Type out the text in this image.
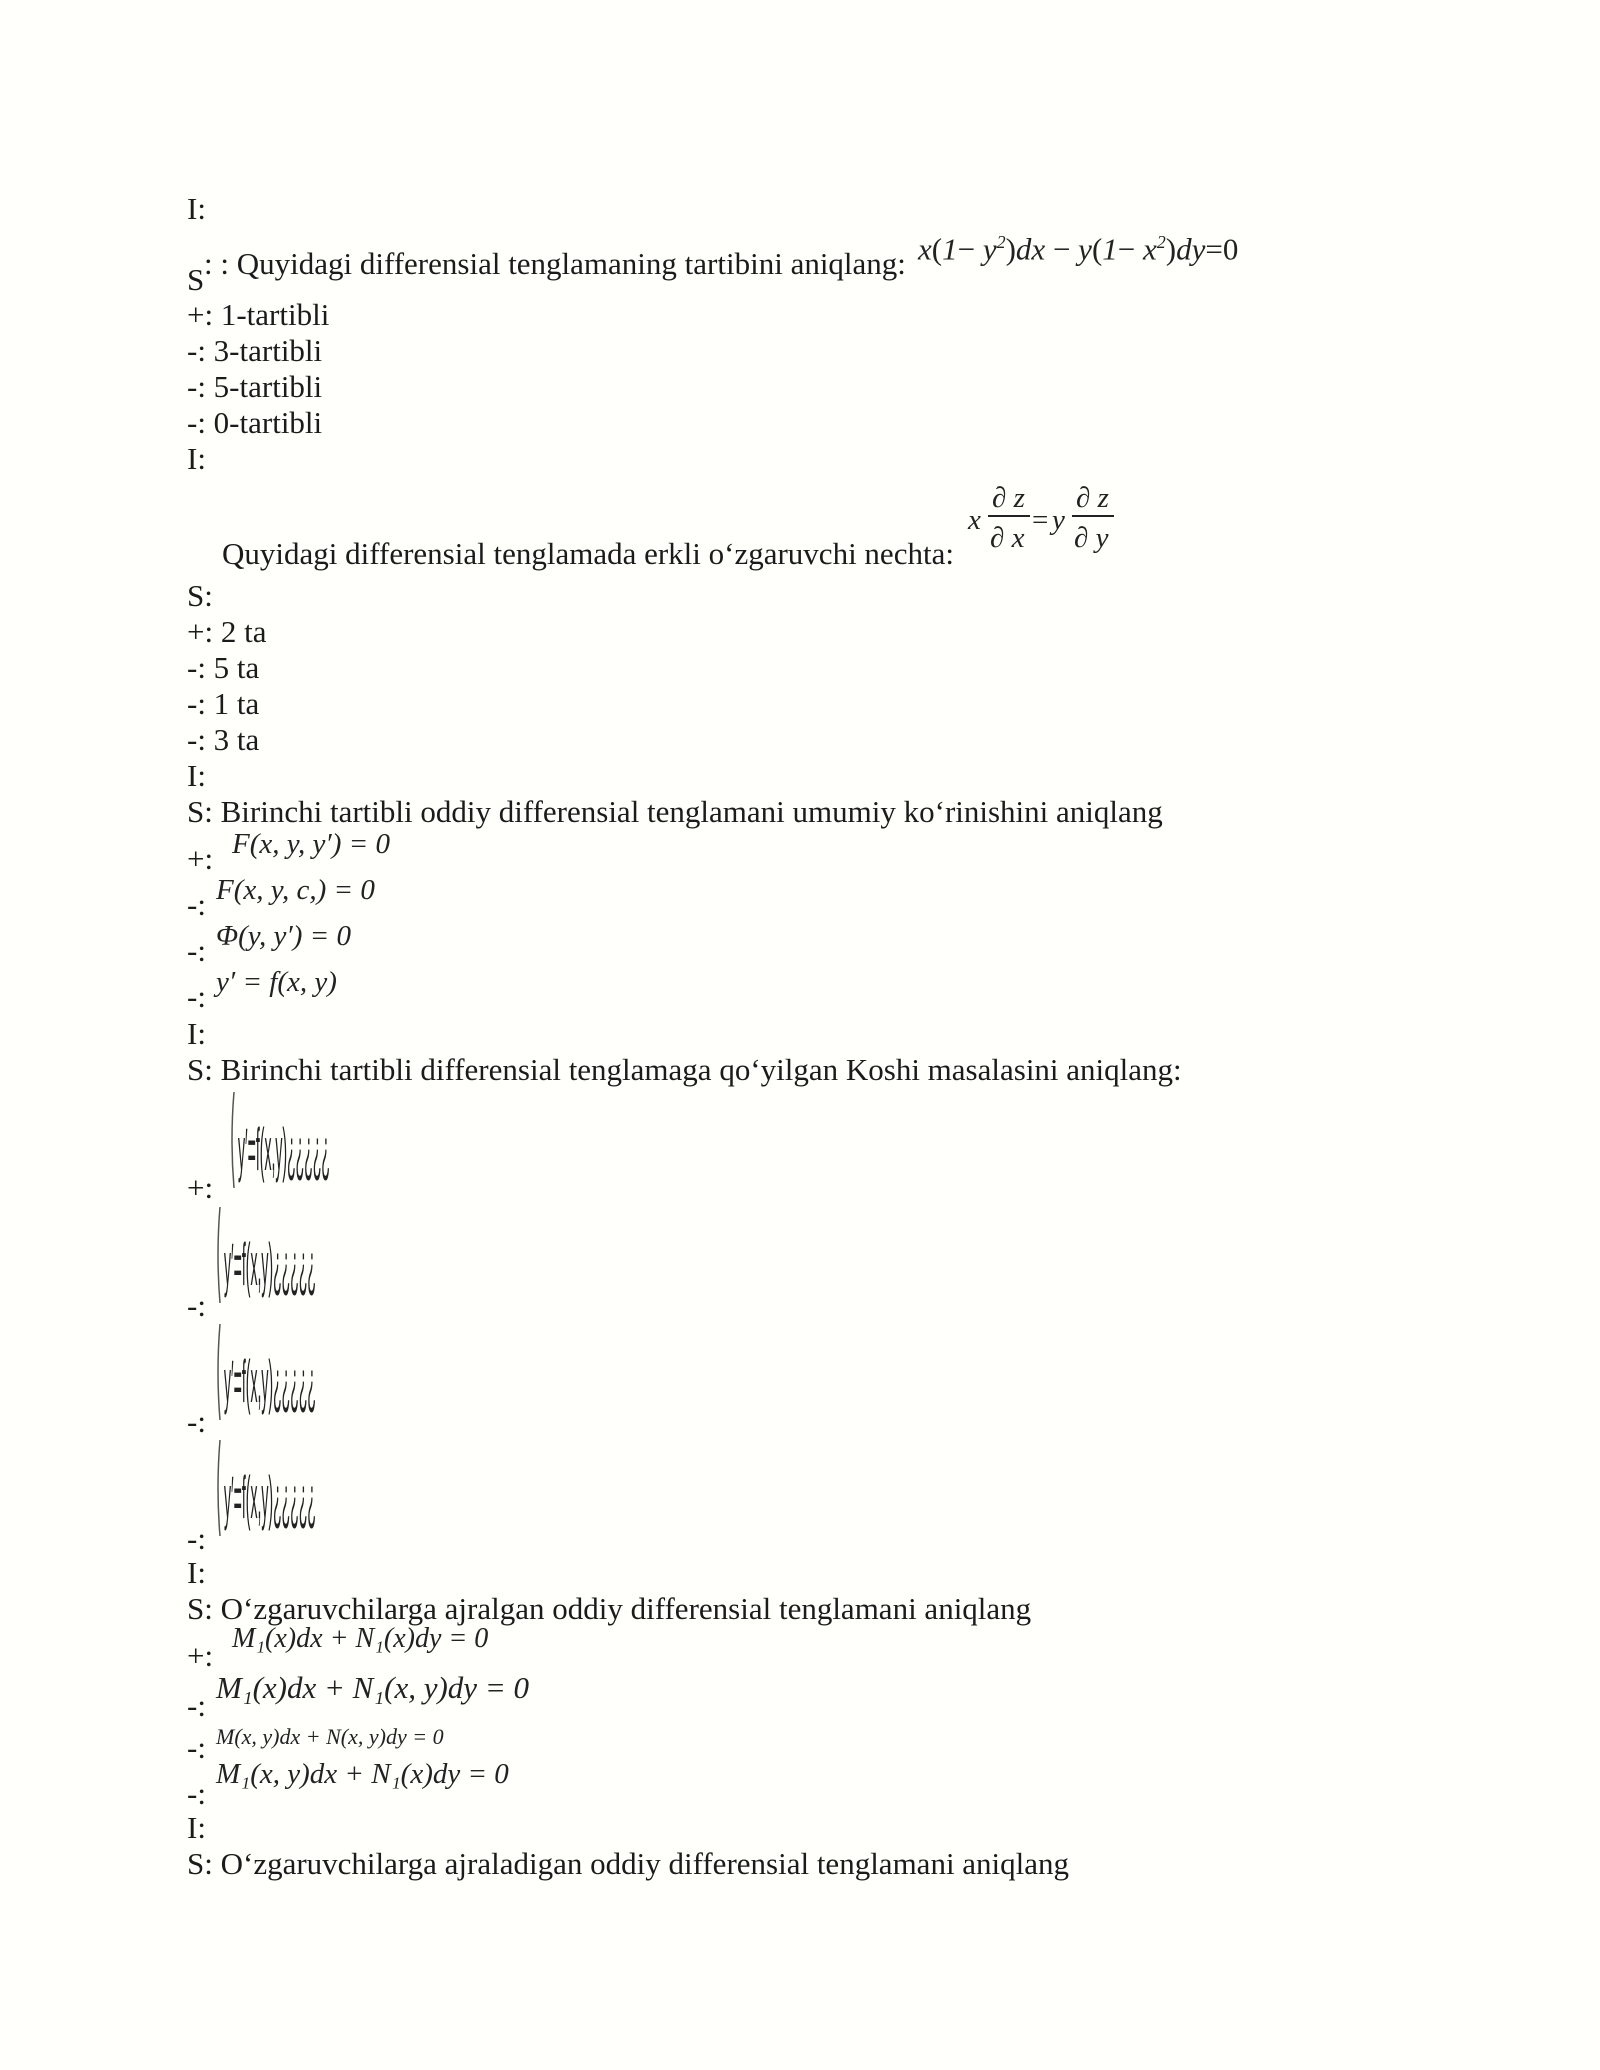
I:
S : : Quyidagi differensial tenglamaning tartibini aniqlang: $x(1- y^2)dx - y(1- x^2)dy=0$
+: 1-tartibli
-: 3-tartibli
-: 5-tartibli
-: 0-tartibli
I:
Quyidagi differensial tenglamada erkli o‘zgaruvchi nechta:
x
∂ z
∂ x
= y
∂ z
∂ y
S:
+: 2 ta
-: 5 ta
-: 1 ta
-: 3 ta
I:
S: Birinchi tartibli oddiy differensial tenglamani umumiy ko‘rinishini aniqlang
+: F(x, y, y′) = 0
-: F(x, y, c,) = 0
-: Φ(y, y′) = 0
-: y′ = f(x, y)
I:
S: Birinchi tartibli differensial tenglamaga qo‘yilgan Koshi masalasini aniqlang:
+:
y′=f(x,y)¿¿¿¿¿
-:
y′=f(x,y)¿¿¿¿¿
-:
y′=f(x,y)¿¿¿¿¿
-:
y′=f(x,y)¿¿¿¿¿
I:
S: O‘zgaruvchilarga ajralgan oddiy differensial tenglamani aniqlang
+: M₁(x)dx + N₁(x)dy = 0
-:
M₁(x)dx + N₁(x, y)dy = 0
-: M(x, y)dx + N(x, y)dy = 0
-:
M₁(x, y)dx + N₁(x)dy = 0
I:
S: O‘zgaruvchilarga ajraladigan oddiy differensial tenglamani aniqlang
